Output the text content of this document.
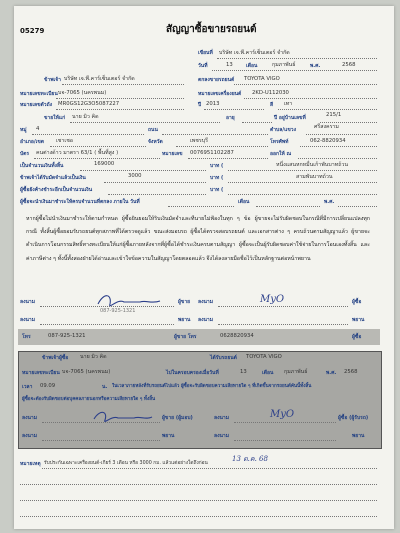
05279	สัญญาซื้อขายรถยนต์
เขียนที่ บริษัท เจ.พี.คาร์เซ็นเตอร์ จำกัด
วันที่	13	เดือน	กุมภาพันธ์	พ.ศ.	2568
ข้าพเจ้า บริษัท เจ.พี.คาร์เซ็นเตอร์ จำกัด	ตกลงขายรถยนต์ TOYOTA VIGO
หมายเลขทะเบียน บจ-7065 (นครพนม)	หมายเลขเครื่องยนต์ 2KD-U112030
หมายเลขตัวถัง MR0GS12G3O5087227	ปี 2013	สี เทา
ขายให้แก่ นาย มิว คิด	อายุ	ปี อยู่บ้านเลขที่	215/1
หมู่ 4	ถนน	ตำบล/แขวง	ศรีสงคราม
อำเภอ/เขต เชาเชอ	จังหวัด	เพชรบุรี	โทรศัพท์	062-8820934
บัตร คนต่างด้าว มาตรา 63/1 ( พื้นที่สูง )	หมายเลข 0076951102287	ออกให้ ณ
เป็นจำนวนเงินทั้งสิ้น	169000	บาท (	หนึ่งแสนหกหมื่นเก้าพันบาทถ้วน
ข้าพเจ้าได้รับมัดจำแล้วเป็นเงิน	3000	บาท (	สามพันบาทถ้วน
ผู้ซื้อยังค้างชำระอีกเป็นจำนวนเงิน	บาท (
ผู้ซื้อจะนำเงินมาชำระให้ครบจำนวนที่ตกลง ภายใน วันที่	เดือน	พ.ศ.
หากผู้ซื้อไม่นำเงินมาชำระให้ตามกำหนด ผู้ซื้อยินยอมให้ริบเงินมัดจำและทีนายไม่ฟ้องในทุก ๆ ข้อ ผู้ขายจะไม่รับผิดชอบในกรณีที่มีการเปลี่ยนแปลงทุกกรณี ทั้งสิ้นผู้ซื้อยอมรับรถยนต์ทุกสภาพที่ได้ตรวจดูแล้ว ขณะส่งมอบรถ ผู้ซื้อได้ตรวจสอบรถยนต์ และเอกสารต่าง ๆ ครบถ้วนตามสัญญาแล้ว ผู้ขายจะดำเนินการโอนกรรมสิทธิ์ทางทะเบียนให้แก่ผู้ซื้อภายหลังจากที่ผู้ซื้อได้ชำระเงินครบตามสัญญา ผู้ซื้อจะเป็นผู้รับผิดชอบค่าใช้จ่ายในการโอนเองทั้งสิ้น และค่าภาษีต่าง ๆ ทั้งนี้ทั้งสองฝ่ายได้อ่านและเข้าใจข้อความในสัญญาโดยตลอดแล้ว จึงได้ลงลายมือชื่อไว้เป็นหลักฐานต่อหน้าพยาน
ลงนาม
087-925-1321
ผู้ขาย ลงนาม	MyO	ผู้ซื้อ
ลงนาม	พยาน ลงนาม	พยาน
โทร	087-925-1321	ผู้ขาย โทร	0628820934	ผู้ซื้อ
ข้าพเจ้าผู้ซื้อ นาย มิว คิด	ได้รับรถยนต์ TOYOTA VIGO
หมายเลขทะเบียน บจ-7065 (นครพนม)	ไปในครอบครองเมื่อวันที่	13	เดือน กุมภาพันธ์	พ.ศ. 2568
เวลา 09.09	น. ในเวลาภายหลังที่รับรถยนต์ไปแล้ว ผู้ซื้อจะรับผิดชอบความเสียหายใด ๆ ที่เกิดขึ้นจากรถยนต์คันนี้ทั้งสิ้น
ผู้ซื้อจะต้องรับผิดชอบต่อบุคคลภายนอกหรือความเสียหายใด ๆ ทั้งสิ้น
ลงนาม	ผู้ขาย (ผู้มอบ)	ลงนาม	MyO	ผู้ซื้อ (ผู้รับรถ)
ลงนาม	พยาน	ลงนาม	พยาน
หมายเหตุ รับประกันเฉพาะเครื่องยนต์-เกียร์ 3 เดือน หรือ 3000 กม. แล้วแต่อย่างใดถึงก่อน
13 ต.ค. 68
